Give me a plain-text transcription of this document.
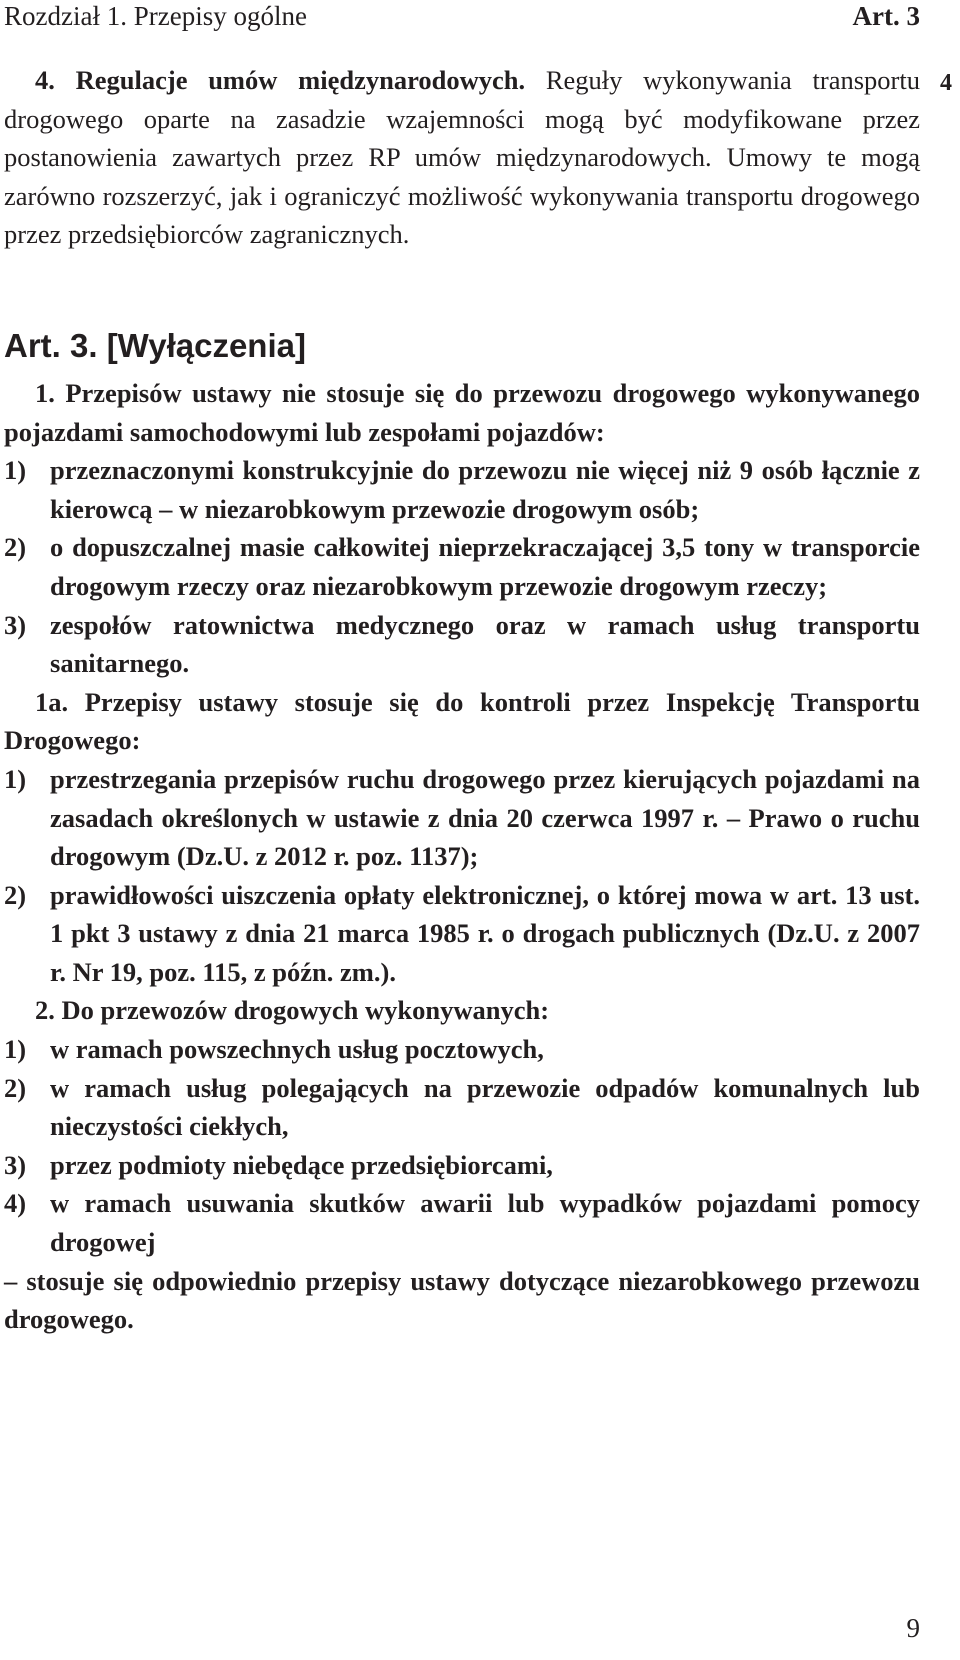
Rozdział 1. Przepisy ogólne	Art. 3
4

4. Regulacje umów międzynarodowych. Reguły wykonywania transportu drogowego oparte na zasadzie wzajemności mogą być modyfikowane przez postanowienia zawartych przez RP umów międzynarodowych. Umowy te mogą zarówno rozszerzyć, jak i ograniczyć możliwość wykonywania transportu drogowego przez przedsiębiorców zagranicznych.

Art. 3. [Wyłączenia]

1. Przepisów ustawy nie stosuje się do przewozu drogowego wykonywanego pojazdami samochodowymi lub zespołami pojazdów:

1) przeznaczonymi konstrukcyjnie do przewozu nie więcej niż 9 osób łącznie z kierowcą – w niezarobkowym przewozie drogowym osób;
2) o dopuszczalnej masie całkowitej nieprzekraczającej 3,5 tony w transporcie drogowym rzeczy oraz niezarobkowym przewozie drogowym rzeczy;
3) zespołów ratownictwa medycznego oraz w ramach usług transportu sanitarnego.

1a. Przepisy ustawy stosuje się do kontroli przez Inspekcję Transportu Drogowego:

1) przestrzegania przepisów ruchu drogowego przez kierujących pojazdami na zasadach określonych w ustawie z dnia 20 czerwca 1997 r. – Prawo o ruchu drogowym (Dz.U. z 2012 r. poz. 1137);
2) prawidłowości uiszczenia opłaty elektronicznej, o której mowa w art. 13 ust. 1 pkt 3 ustawy z dnia 21 marca 1985 r. o drogach publicznych (Dz.U. z 2007 r. Nr 19, poz. 115, z późn. zm.).

2. Do przewozów drogowych wykonywanych:

1) w ramach powszechnych usług pocztowych,
2) w ramach usług polegających na przewozie odpadów komunalnych lub nieczystości ciekłych,
3) przez podmioty niebędące przedsiębiorcami,
4) w ramach usuwania skutków awarii lub wypadków pojazdami pomocy drogowej

– stosuje się odpowiednio przepisy ustawy dotyczące niezarobkowego przewozu drogowego.

9
